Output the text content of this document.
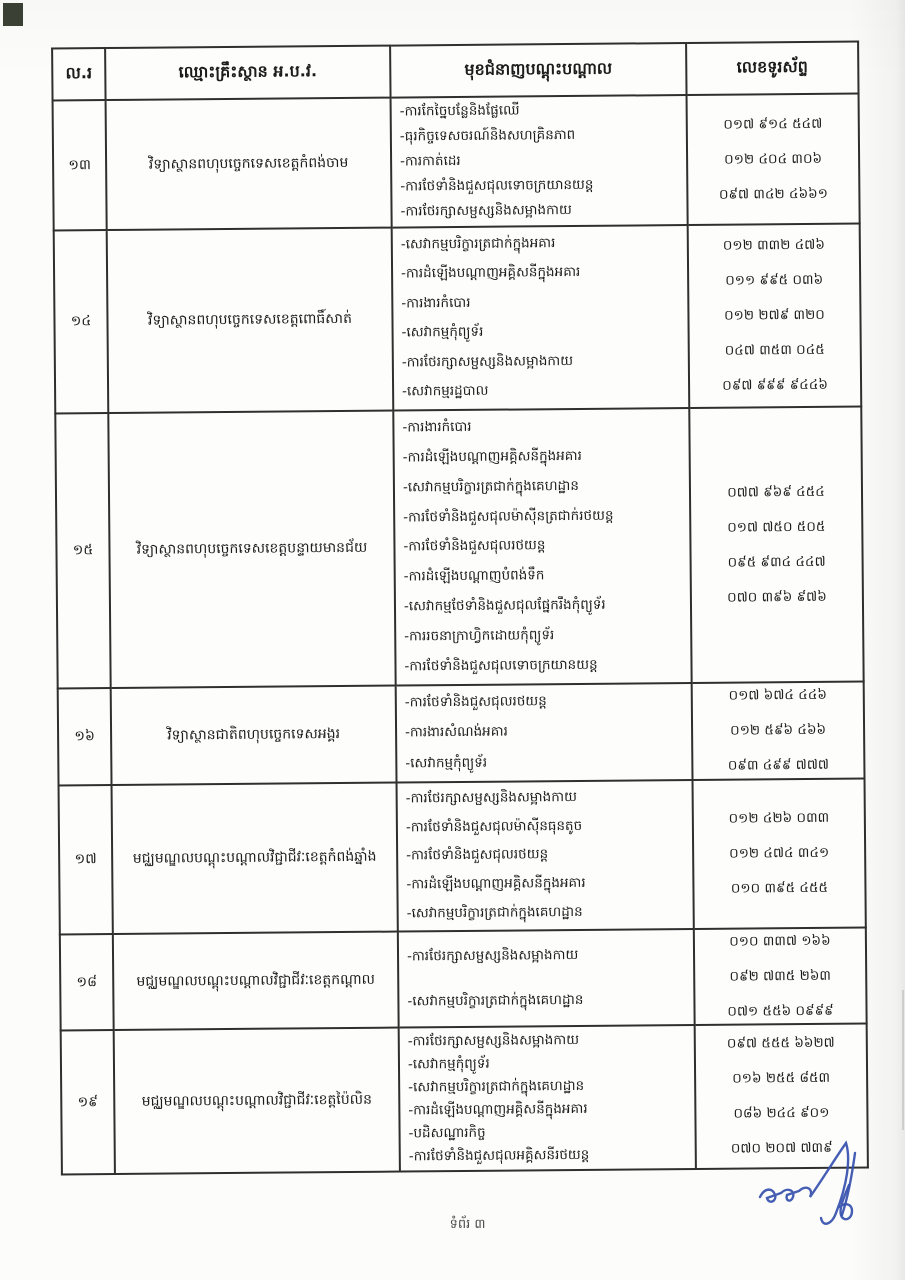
ល.រ	ឈ្មោះគ្រឹះស្ថាន អ.ប.វ.	មុខជំនាញបណ្តុះបណ្តាល	លេខទូរស័ព្ទ

១៣	វិទ្យាស្ថានពហុបច្ចេកទេសខេត្តកំពង់ចាម

-ការកែច្នៃបន្លែនិងផ្លែឈើ
-ធុរកិច្ចទេសចរណ៍និងសហគ្រិនភាព
-ការកាត់ដេរ
-ការថែទាំនិងជួសជុលទោចក្រយានយន្ត
-ការថែរក្សាសម្ផស្សនិងសម្អាងកាយ

០១៧ ៩១៤ ៥៤៧
០១២ ៤០៤ ៣០៦
០៩៧ ៣៤២ ៤៦៦១

១៤	វិទ្យាស្ថានពហុបច្ចេកទេសខេត្តពោធិ៍សាត់

-សេវាកម្មបរិក្ខារត្រជាក់ក្នុងអគារ
-ការដំឡើងបណ្តាញអគ្គិសនីក្នុងអគារ
-ការងារកំបោរ
-សេវាកម្មកុំព្យូទ័រ
-ការថែរក្សាសម្ផស្សនិងសម្អាងកាយ
-សេវាកម្មរដ្ឋបាល

០១២ ៣៣២ ៤៧៦
០១១ ៩៩៥ ០៣៦
០១២ ២៧៩ ៣២០
០៤៧ ៣៥៣ ០៤៥
០៩៧ ៩៩៩ ៩៤៤៦

១៥	វិទ្យាស្ថានពហុបច្ចេកទេសខេត្តបន្ទាយមានជ័យ

-ការងារកំបោរ
-ការដំឡើងបណ្តាញអគ្គិសនីក្នុងអគារ
-សេវាកម្មបរិក្ខារត្រជាក់ក្នុងគេហដ្ឋាន
-ការថែទាំនិងជួសជុលម៉ាស៊ីនត្រជាក់រថយន្ត
-ការថែទាំនិងជួសជុលរថយន្ត
-ការដំឡើងបណ្តាញបំពង់ទឹក
-សេវាកម្មថែទាំនិងជួសជុលផ្នែករឹងកុំព្យូទ័រ
-ការរចនាក្រាហ្វិកដោយកុំព្យូទ័រ
-ការថែទាំនិងជួសជុលទោចក្រយានយន្ត

០៧៧ ៩៦៩ ៤៥៤
០១៧ ៧៥០ ៥០៥
០៩៥ ៩៣៤ ៤៤៧
០៧០ ៣៩៦ ៩៧៦

១៦	វិទ្យាស្ថានជាតិពហុបច្ចេកទេសអង្គរ

-ការថែទាំនិងជួសជុលរថយន្ត
-ការងារសំណង់អគារ
-សេវាកម្មកុំព្យូទ័រ

០១៧ ៦៧៤ ៤៤៦
០១២ ៥៩៦ ៤៦៦
០៩៣ ៤៩៩ ៧៧៧

១៧	មជ្ឈមណ្ឌលបណ្តុះបណ្តាលវិជ្ជាជីវៈខេត្តកំពង់ឆ្នាំង

-ការថែរក្សាសម្ផស្សនិងសម្អាងកាយ
-ការថែទាំនិងជួសជុលម៉ាស៊ីនធុនតូច
-ការថែទាំនិងជួសជុលរថយន្ត
-ការដំឡើងបណ្តាញអគ្គិសនីក្នុងអគារ
-សេវាកម្មបរិក្ខារត្រជាក់ក្នុងគេហដ្ឋាន

០១២ ៤២៦ ០៣៣
០១២ ៤៧៤ ៣៤១
០១០ ៣៩៥ ៤៥៥

១៨	មជ្ឈមណ្ឌលបណ្តុះបណ្តាលវិជ្ជាជីវៈខេត្តកណ្តាល

-ការថែរក្សាសម្ផស្សនិងសម្អាងកាយ
-សេវាកម្មបរិក្ខារត្រជាក់ក្នុងគេហដ្ឋាន

០១០ ៣៣៧ ១៦៦
០៩២ ៧៣៥ ២៦៣
០៧១ ៥៥៦ ០៩៩៩

១៩	មជ្ឈមណ្ឌលបណ្តុះបណ្តាលវិជ្ជាជីវៈខេត្តប៉ៃលិន

-ការថែរក្សាសម្ផស្សនិងសម្អាងកាយ
-សេវាកម្មកុំព្យូទ័រ
-សេវាកម្មបរិក្ខារត្រជាក់ក្នុងគេហដ្ឋាន
-ការដំឡើងបណ្តាញអគ្គិសនីក្នុងអគារ
-បដិសណ្ឋារកិច្ច
-ការថែទាំនិងជួសជុលអគ្គិសនីរថយន្ត

០៩៧ ៥៥៥ ៦៦២៧
០១៦ ២៥៥ ៨៥៣
០៨៦ ២៤៤ ៩០១
០៧០ ២០៧ ៧៣៩
ទំព័រ ៣
